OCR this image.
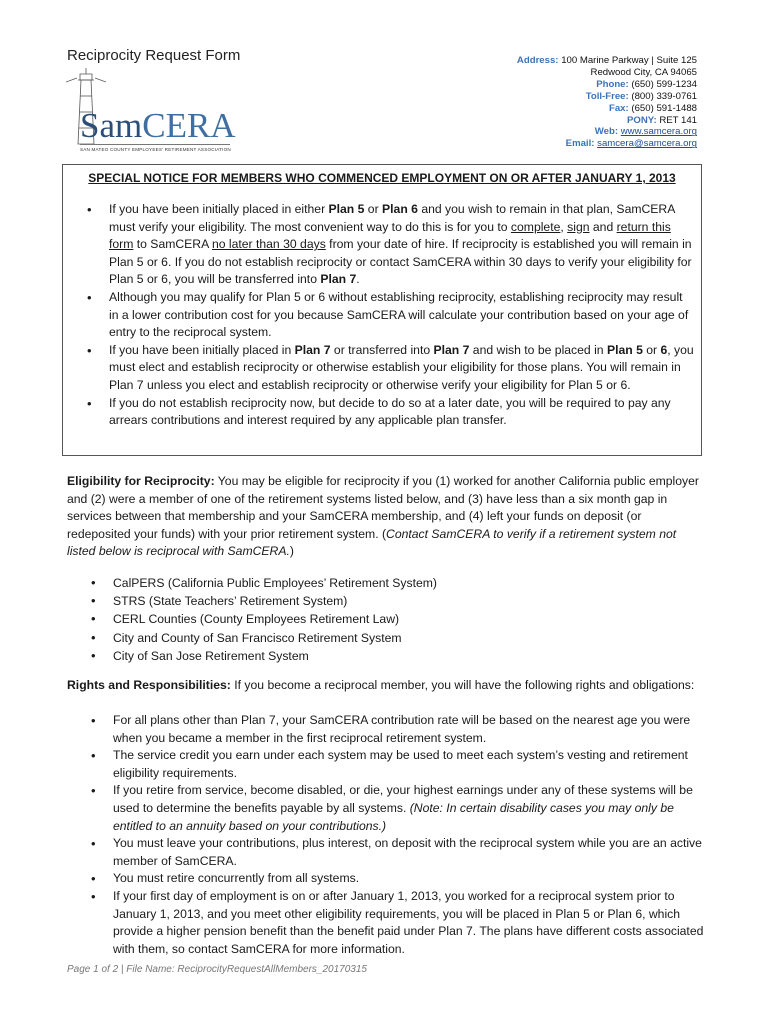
Reciprocity Request Form
SamCERA
SAN MATEO COUNTY EMPLOYEES' RETIREMENT ASSOCIATION
Address: 100 Marine Parkway | Suite 125
Redwood City, CA 94065
Phone: (650) 599-1234
Toll-Free: (800) 339-0761
Fax: (650) 591-1488
PONY: RET 141
Web: www.samcera.org
Email: samcera@samcera.org
SPECIAL NOTICE FOR MEMBERS WHO COMMENCED EMPLOYMENT ON OR AFTER JANUARY 1, 2013
• If you have been initially placed in either Plan 5 or Plan 6 and you wish to remain in that plan, SamCERA must verify your eligibility. The most convenient way to do this is for you to complete, sign and return this form to SamCERA no later than 30 days from your date of hire. If reciprocity is established you will remain in Plan 5 or 6. If you do not establish reciprocity or contact SamCERA within 30 days to verify your eligibility for Plan 5 or 6, you will be transferred into Plan 7.
• Although you may qualify for Plan 5 or 6 without establishing reciprocity, establishing reciprocity may result in a lower contribution cost for you because SamCERA will calculate your contribution based on your age of entry to the reciprocal system.
• If you have been initially placed in Plan 7 or transferred into Plan 7 and wish to be placed in Plan 5 or 6, you must elect and establish reciprocity or otherwise establish your eligibility for those plans. You will remain in Plan 7 unless you elect and establish reciprocity or otherwise verify your eligibility for Plan 5 or 6.
• If you do not establish reciprocity now, but decide to do so at a later date, you will be required to pay any arrears contributions and interest required by any applicable plan transfer.
Eligibility for Reciprocity: You may be eligible for reciprocity if you (1) worked for another California public employer and (2) were a member of one of the retirement systems listed below, and (3) have less than a six month gap in services between that membership and your SamCERA membership, and (4) left your funds on deposit (or redeposited your funds) with your prior retirement system. (Contact SamCERA to verify if a retirement system not listed below is reciprocal with SamCERA.)
• CalPERS (California Public Employees’ Retirement System)
• STRS (State Teachers’ Retirement System)
• CERL Counties (County Employees Retirement Law)
• City and County of San Francisco Retirement System
• City of San Jose Retirement System
Rights and Responsibilities: If you become a reciprocal member, you will have the following rights and obligations:
• For all plans other than Plan 7, your SamCERA contribution rate will be based on the nearest age you were when you became a member in the first reciprocal retirement system.
• The service credit you earn under each system may be used to meet each system’s vesting and retirement eligibility requirements.
• If you retire from service, become disabled, or die, your highest earnings under any of these systems will be used to determine the benefits payable by all systems. (Note: In certain disability cases you may only be entitled to an annuity based on your contributions.)
• You must leave your contributions, plus interest, on deposit with the reciprocal system while you are an active member of SamCERA.
• You must retire concurrently from all systems.
• If your first day of employment is on or after January 1, 2013, you worked for a reciprocal system prior to January 1, 2013, and you meet other eligibility requirements, you will be placed in Plan 5 or Plan 6, which provide a higher pension benefit than the benefit paid under Plan 7. The plans have different costs associated with them, so contact SamCERA for more information.
Page 1 of 2 | File Name: ReciprocityRequestAllMembers_20170315
